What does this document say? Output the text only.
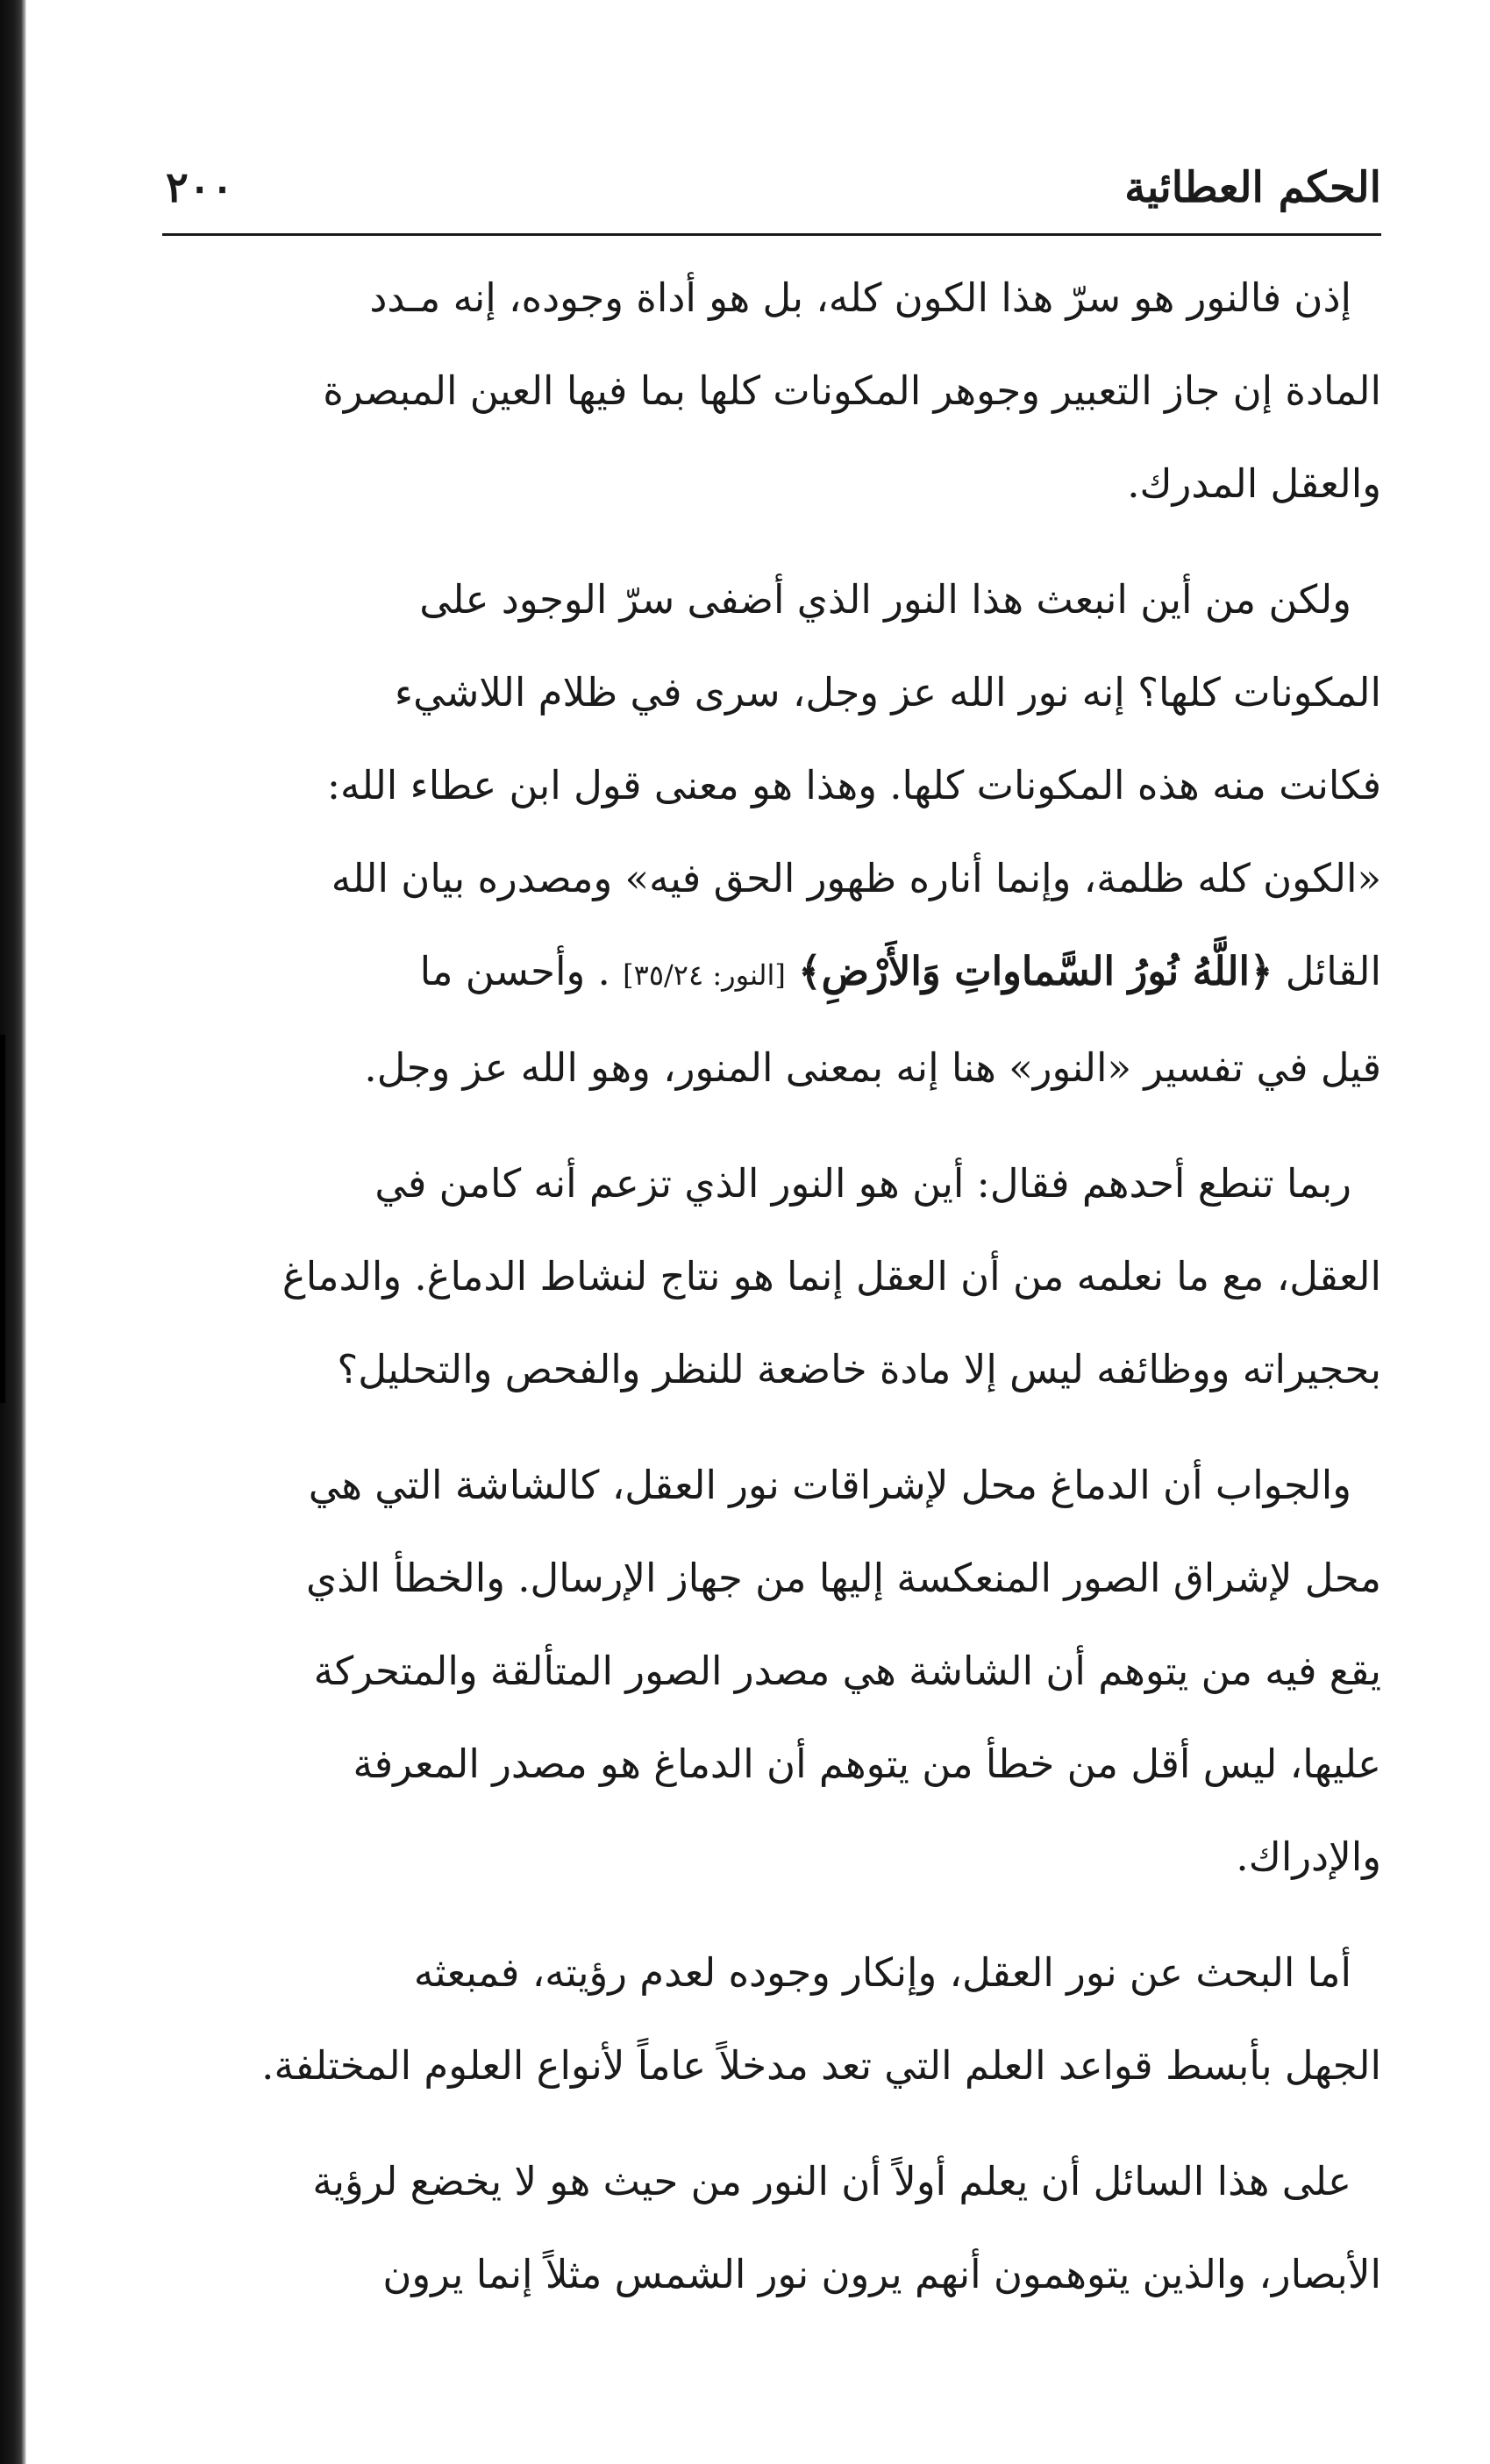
الحكم العطائية
٢٠٠

إذن فالنور هو سرّ هذا الكون كله، بل هو أداة وجوده، إنه مـدد
المادة إن جاز التعبير وجوهر المكونات كلها بما فيها العين المبصرة
والعقل المدرك.

ولكن من أين انبعث هذا النور الذي أضفى سرّ الوجود على
المكونات كلها؟ إنه نور الله عز وجل، سرى في ظلام اللاشيء
فكانت منه هذه المكونات كلها. وهذا هو معنى قول ابن عطاء الله:
«الكون كله ظلمة، وإنما أناره ظهور الحق فيه» ومصدره بيان الله
القائل ﴿اللَّهُ نُورُ السَّماواتِ وَالأَرْضِ﴾ [النور: ٣٥/٢٤] . وأحسن ما
قيل في تفسير «النور» هنا إنه بمعنى المنور، وهو الله عز وجل.

ربما تنطع أحدهم فقال: أين هو النور الذي تزعم أنه كامن في
العقل، مع ما نعلمه من أن العقل إنما هو نتاج لنشاط الدماغ. والدماغ
بحجيراته ووظائفه ليس إلا مادة خاضعة للنظر والفحص والتحليل؟

والجواب أن الدماغ محل لإشراقات نور العقل، كالشاشة التي هي
محل لإشراق الصور المنعكسة إليها من جهاز الإرسال. والخطأ الذي
يقع فيه من يتوهم أن الشاشة هي مصدر الصور المتألقة والمتحركة
عليها، ليس أقل من خطأ من يتوهم أن الدماغ هو مصدر المعرفة
والإدراك.

أما البحث عن نور العقل، وإنكار وجوده لعدم رؤيته، فمبعثه
الجهل بأبسط قواعد العلم التي تعد مدخلاً عاماً لأنواع العلوم المختلفة.

على هذا السائل أن يعلم أولاً أن النور من حيث هو لا يخضع لرؤية
الأبصار، والذين يتوهمون أنهم يرون نور الشمس مثلاً إنما يرون
